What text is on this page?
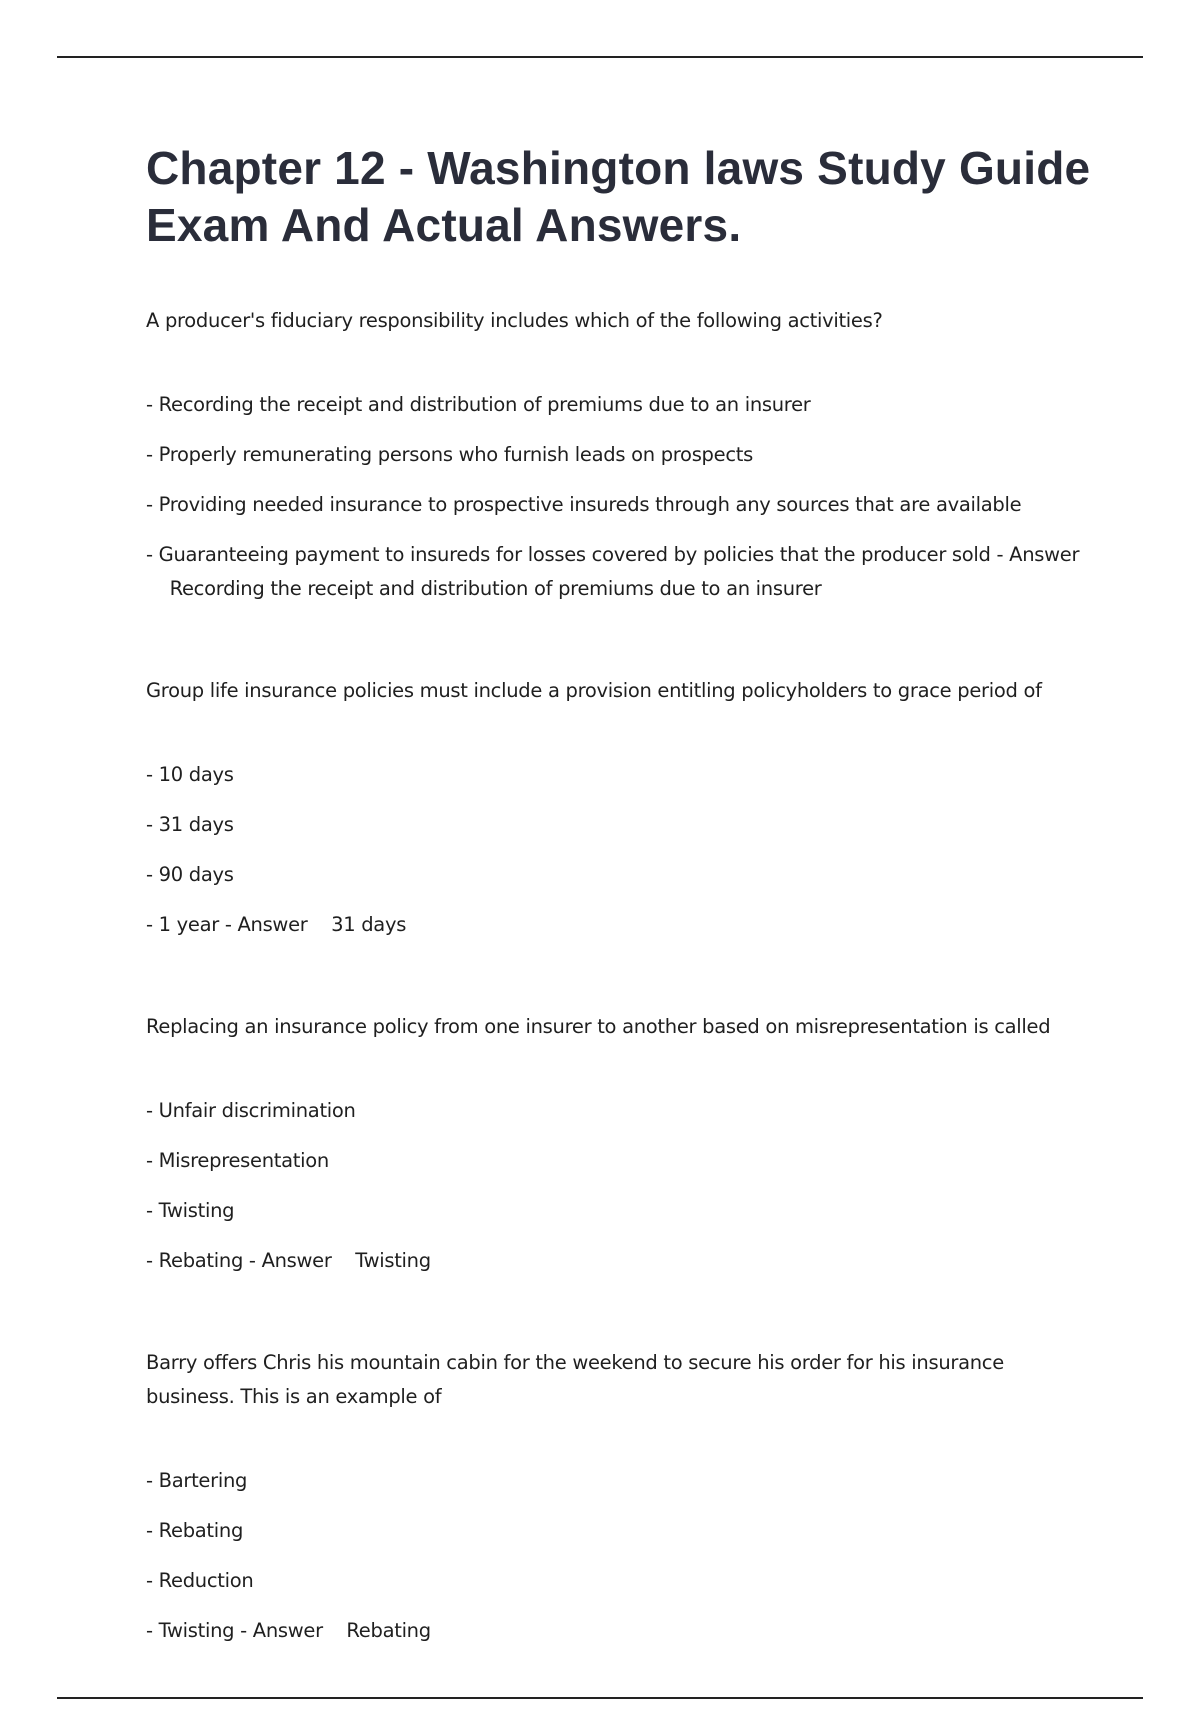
Chapter 12 - Washington laws Study Guide Exam And Actual Answers.

A producer's fiduciary responsibility includes which of the following activities?

- Recording the receipt and distribution of premiums due to an insurer

- Properly remunerating persons who furnish leads on prospects

- Providing needed insurance to prospective insureds through any sources that are available

- Guaranteeing payment to insureds for losses covered by policies that the producer sold - Answer    Recording the receipt and distribution of premiums due to an insurer

Group life insurance policies must include a provision entitling policyholders to grace period of

- 10 days

- 31 days

- 90 days

- 1 year - Answer 31 days

Replacing an insurance policy from one insurer to another based on misrepresentation is called

- Unfair discrimination

- Misrepresentation

- Twisting

- Rebating - Answer Twisting

Barry offers Chris his mountain cabin for the weekend to secure his order for his insurance business. This is an example of

- Bartering

- Rebating

- Reduction

- Twisting - Answer Rebating
